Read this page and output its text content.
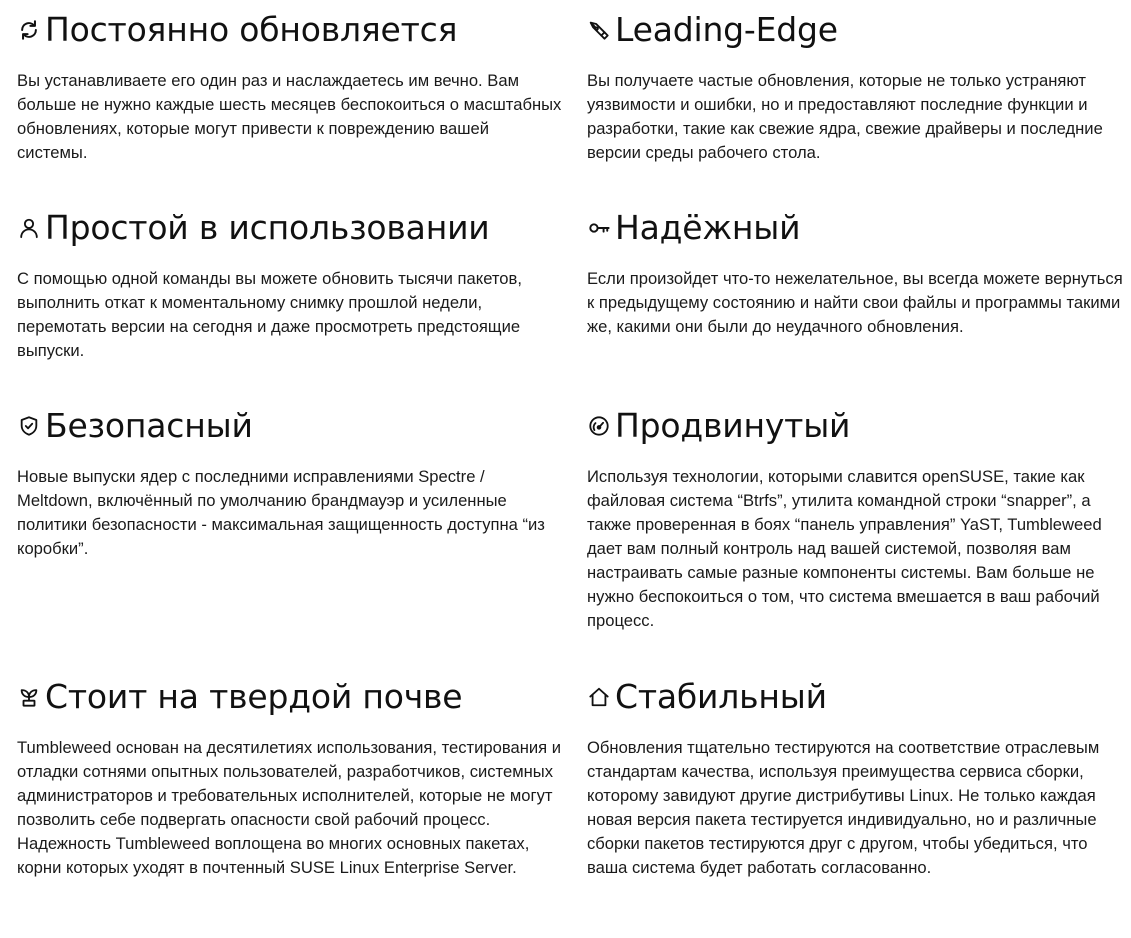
Постоянно обновляется

Вы устанавливаете его один раз и наслаждаетесь им вечно. Вам больше не нужно каждые шесть месяцев беспокоиться о масштабных обновлениях, которые могут привести к повреждению вашей системы.

Leading-Edge

Вы получаете частые обновления, которые не только устраняют уязвимости и ошибки, но и предоставляют последние функции и разработки, такие как свежие ядра, свежие драйверы и последние версии среды рабочего стола.

Простой в использовании

С помощью одной команды вы можете обновить тысячи пакетов, выполнить откат к моментальному снимку прошлой недели, перемотать версии на сегодня и даже просмотреть предстоящие выпуски.

Надёжный

Если произойдет что-то нежелательное, вы всегда можете вернуться к предыдущему состоянию и найти свои файлы и программы такими же, какими они были до неудачного обновления.

Безопасный

Новые выпуски ядер с последними исправлениями Spectre / Meltdown, включённый по умолчанию брандмауэр и усиленные политики безопасности - максимальная защищенность доступна “из коробки”.

Продвинутый

Используя технологии, которыми славится openSUSE, такие как файловая система “Btrfs”, утилита командной строки “snapper”, а также проверенная в боях “панель управления” YaST, Tumbleweed дает вам полный контроль над вашей системой, позволяя вам настраивать самые разные компоненты системы. Вам больше не нужно беспокоиться о том, что система вмешается в ваш рабочий процесс.

Стоит на твердой почве

Tumbleweed основан на десятилетиях использования, тестирования и отладки сотнями опытных пользователей, разработчиков, системных администраторов и требовательных исполнителей, которые не могут позволить себе подвергать опасности свой рабочий процесс. Надежность Tumbleweed воплощена во многих основных пакетах, корни которых уходят в почтенный SUSE Linux Enterprise Server.

Стабильный

Обновления тщательно тестируются на соответствие отраслевым стандартам качества, используя преимущества сервиса сборки, которому завидуют другие дистрибутивы Linux. Не только каждая новая версия пакета тестируется индивидуально, но и различные сборки пакетов тестируются друг с другом, чтобы убедиться, что ваша система будет работать согласованно.
